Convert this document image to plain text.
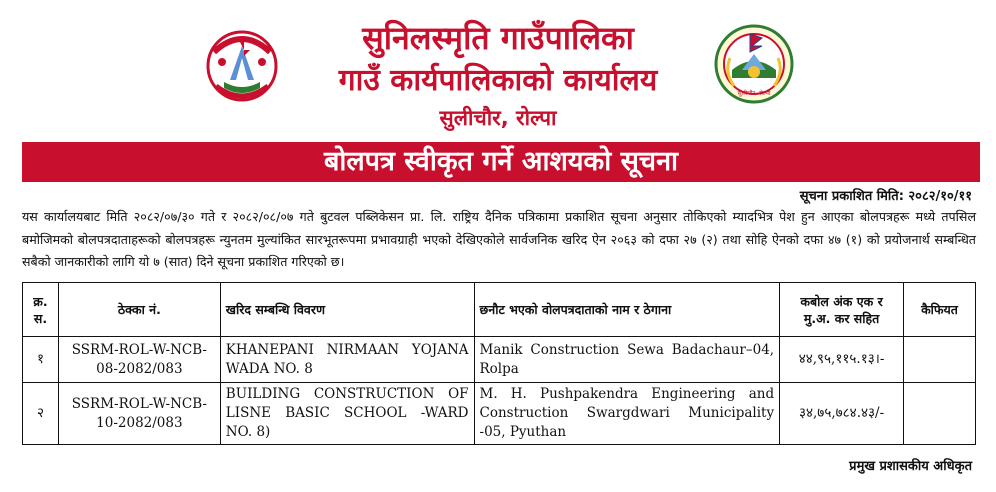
सुनिलस्मृति गाउँपालिका
गाउँ कार्यपालिकाको कार्यालय
सुलीचौर, रोल्पा
सुलीचौर, रोल्पा
बोलपत्र स्वीकृत गर्ने आशयको सूचना
सूचना प्रकाशित मिति: २०८२/१०/११
यस कार्यालयबाट मिति २०८२/०७/३० गते र २०८२/०८/०७ गते बुटवल पब्लिकेसन प्रा. लि. राष्ट्रिय दैनिक पत्रिकामा प्रकाशित सूचना अनुसार तोकिएको म्यादभित्र पेश हुन आएका बोलपत्रहरू मध्ये तपसिल बमोजिमको बोलपत्रदाताहरूको बोलपत्रहरू न्युनतम मुल्यांकित सारभूतरूपमा प्रभावग्राही भएको देखिएकोले सार्वजनिक खरिद ऐन २०६३ को दफा २७ (२) तथा सोहि ऐनको दफा ४७ (१) को प्रयोजनार्थ सम्बन्धित सबैको जानकारीको लागि यो ७ (सात) दिने सूचना प्रकाशित गरिएको छ।
क्र. स.	ठेक्का नं.	खरिद सम्बन्धि विवरण	छनौट भएको वोलपत्रदाताको नाम र ठेगाना	कबोल अंक एक र मु.अ. कर सहित	कैफियत
१	SSRM-ROL-W-NCB-08-2082/083	KHANEPANI NIRMAAN YOJANA WADA NO. 8	Manik Construction Sewa Badachaur–04, Rolpa	४४,९५,११५.१३।-	
२	SSRM-ROL-W-NCB-10-2082/083	BUILDING CONSTRUCTION OF LISNE BASIC SCHOOL -WARD NO. 8)	M. H. Pushpakendra Engineering and Construction Swargdwari Municipality -05, Pyuthan	३४,७५,७८४.४३/-	
प्रमुख प्रशासकीय अधिकृत
